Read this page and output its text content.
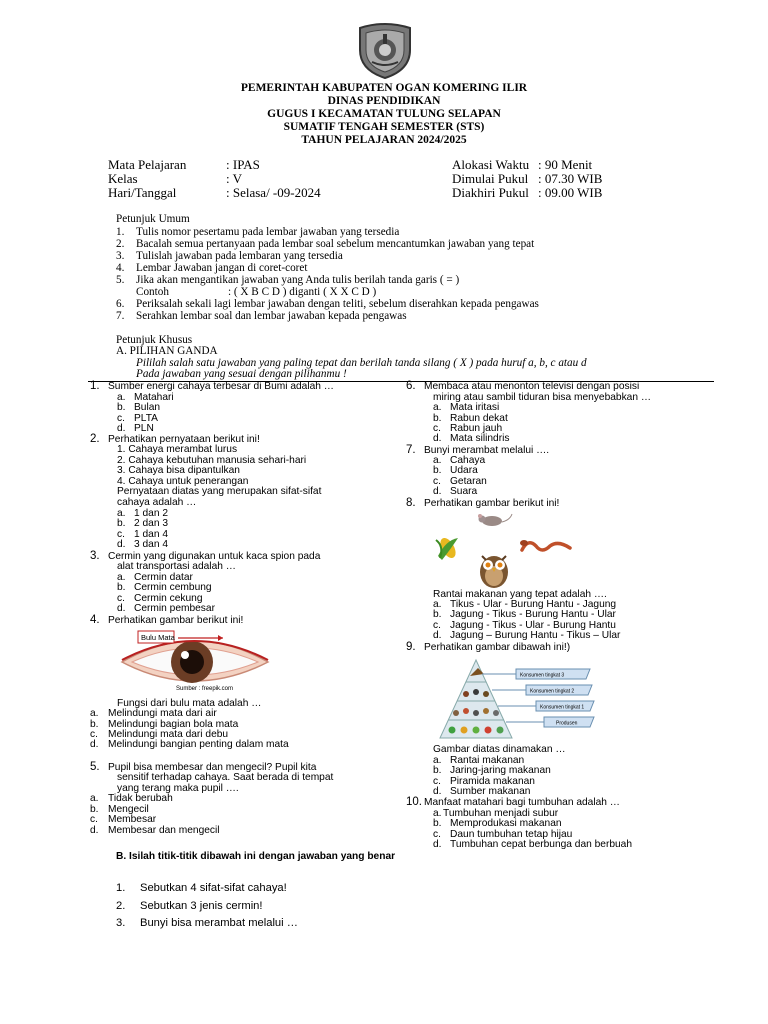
PEMERINTAH KABUPATEN OGAN KOMERING ILIR
DINAS PENDIDIKAN
GUGUS I KECAMATAN TULUNG SELAPAN
SUMATIF TENGAH SEMESTER (STS)
TAHUN PELAJARAN 2024/2025
Mata Pelajaran	: IPAS
Kelas	: V
Hari/Tanggal	: Selasa/ -09-2024
Alokasi Waktu : 90 Menit
Dimulai Pukul : 07.30 WIB
Diakhiri Pukul : 09.00 WIB
Petunjuk Umum
1. Tulis nomor pesertamu pada lembar jawaban yang tersedia
2. Bacalah semua pertanyaan pada lembar soal sebelum mencantumkan jawaban yang tepat
3. Tulislah jawaban pada lembaran yang tersedia
4. Lembar Jawaban jangan di coret-coret
5. Jika akan mengantikan jawaban yang Anda tulis berilah tanda garis ( = )
Contoh	: ( X B C D ) diganti ( X X C D )
6. Periksalah sekali lagi lembar jawaban dengan teliti, sebelum diserahkan kepada pengawas
7. Serahkan lembar soal dan lembar jawaban kepada pengawas
Petunjuk Khusus
A. PILIHAN GANDA
Pililah salah satu jawaban yang paling tepat dan berilah tanda silang ( X ) pada huruf a, b, c atau d
Pada jawaban yang sesuai dengan pilihanmu !
1. Sumber energi cahaya terbesar di Bumi adalah …
a. Matahari
b. Bulan
c. PLTA
d. PLN
2. Perhatikan pernyataan berikut ini!
1. Cahaya merambat lurus
2. Cahaya kebutuhan manusia sehari-hari
3. Cahaya bisa dipantulkan
4. Cahaya untuk penerangan
Pernyataan diatas yang merupakan sifat-sifat
cahaya adalah …
a. 1 dan 2
b. 2 dan 3
c. 1 dan 4
d. 3 dan 4
3. Cermin yang digunakan untuk kaca spion pada
alat transportasi adalah …
a. Cermin datar
b. Cermin cembung
c. Cermin cekung
d. Cermin pembesar
4. Perhatikan gambar berikut ini!
Bulu Mata
Sumber : freepik.com
Fungsi dari bulu mata adalah …
a. Melindungi mata dari air
b. Melindungi bagian bola mata
c. Melindungi mata dari debu
d. Melindungi bangian penting dalam mata
5. Pupil bisa membesar dan mengecil? Pupil kita
sensitif terhadap cahaya. Saat berada di tempat
yang terang maka pupil ….
a. Tidak berubah
b. Mengecil
c. Membesar
d. Membesar dan mengecil
6. Membaca atau menonton televisi dengan posisi
miring atau sambil tiduran bisa menyebabkan …
a. Mata iritasi
b. Rabun dekat
c. Rabun jauh
d. Mata silindris
7. Bunyi merambat melalui ….
a. Cahaya
b. Udara
c. Getaran
d. Suara
8. Perhatikan gambar berikut ini!
Rantai makanan yang tepat adalah ….
a. Tikus - Ular - Burung Hantu - Jagung
b. Jagung - Tikus - Burung Hantu - Ular
c. Jagung - Tikus - Ular - Burung Hantu
d. Jagung – Burung Hantu - Tikus – Ular
9. Perhatikan gambar dibawah ini!)
Konsumen tingkat 3
Konsumen tingkat 2
Konsumen tingkat 1
Produsen
Gambar diatas dinamakan …
a. Rantai makanan
b. Jaring-jaring makanan
c. Piramida makanan
d. Sumber makanan
10. Manfaat matahari bagi tumbuhan adalah …
a. Tumbuhan menjadi subur
b. Memprodukasi makanan
c. Daun tumbuhan tetap hijau
d. Tumbuhan cepat berbunga dan berbuah
B. Isilah titik-titik dibawah ini dengan jawaban yang benar
1. Sebutkan 4 sifat-sifat cahaya!
2. Sebutkan 3 jenis cermin!
3. Bunyi bisa merambat melalui …
